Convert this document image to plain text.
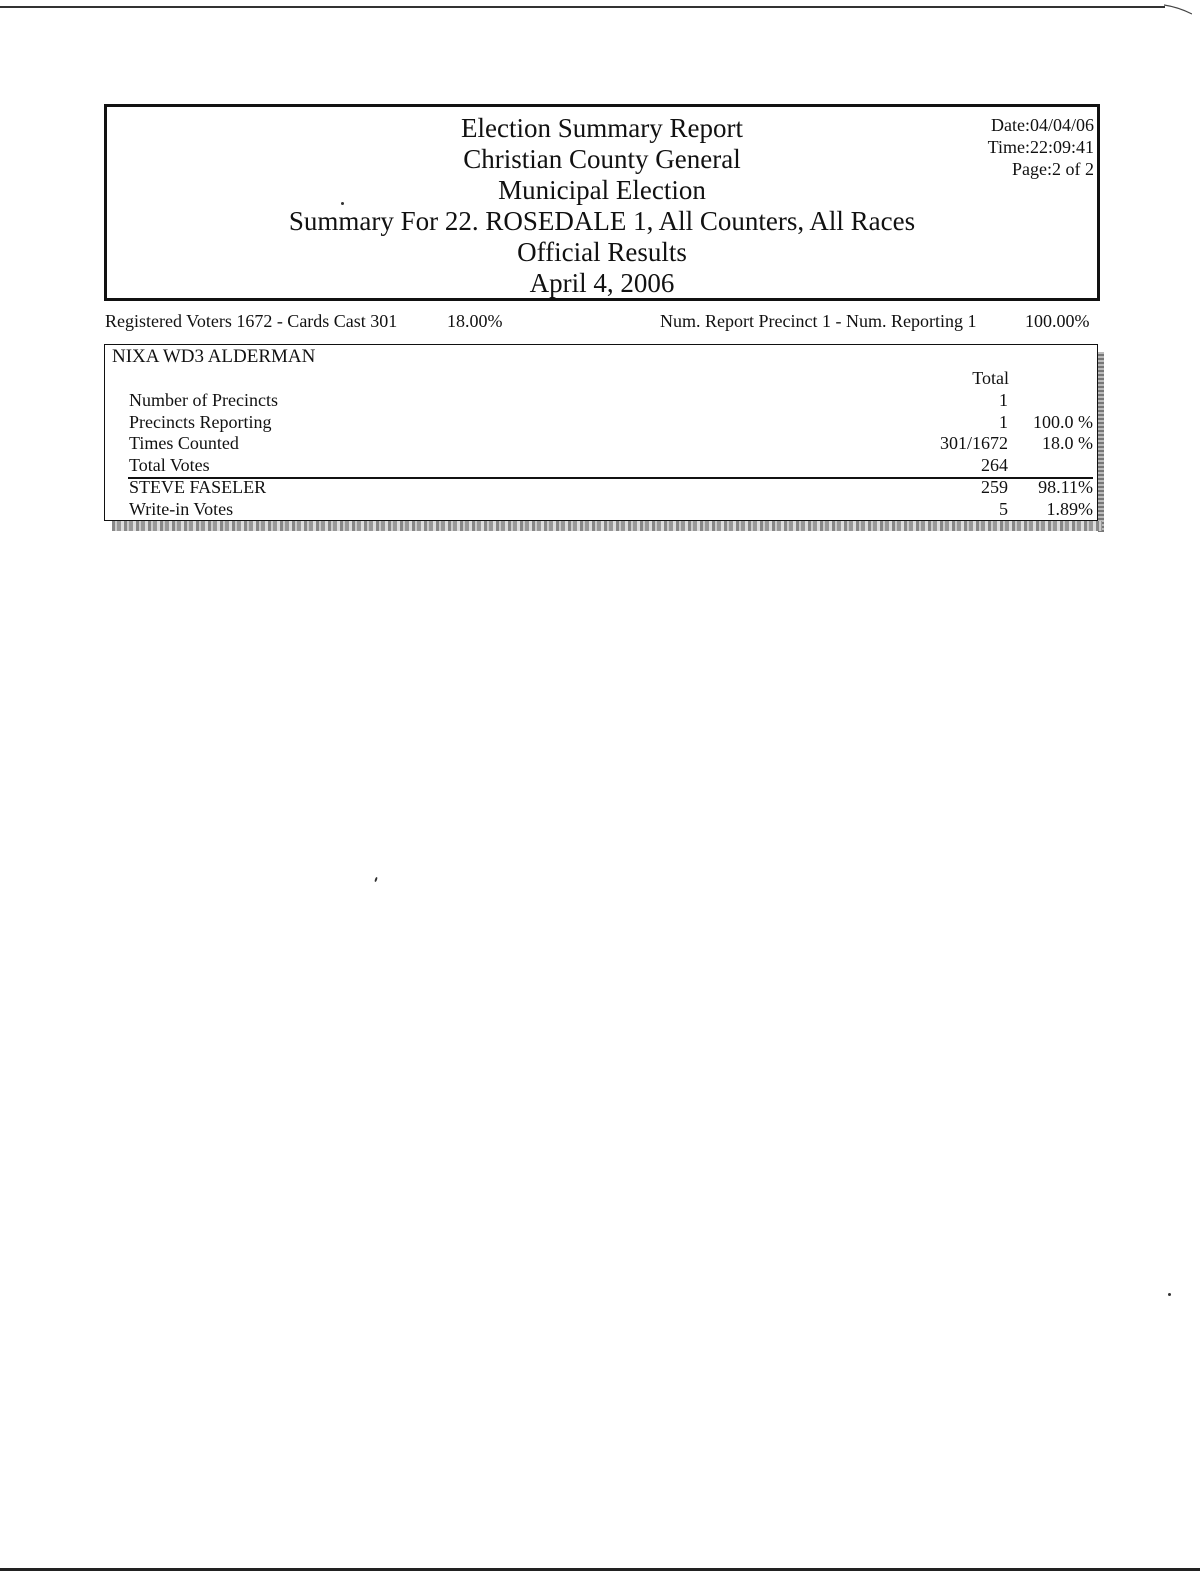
Election Summary Report
Christian County General
Municipal Election
Summary For 22. ROSEDALE 1, All Counters, All Races
Official Results
April 4, 2006
Date:04/04/06
Time:22:09:41
Page:2 of 2
Registered Voters 1672 - Cards Cast 301	18.00%	Num. Report Precinct 1 - Num. Reporting 1	100.00%
NIXA WD3 ALDERMAN
Total
Number of Precincts	1
Precincts Reporting	1 100.0 %
Times Counted	301/1672 18.0 %
Total Votes	264
STEVE FASELER	259 98.11%
Write-in Votes	5 1.89%
